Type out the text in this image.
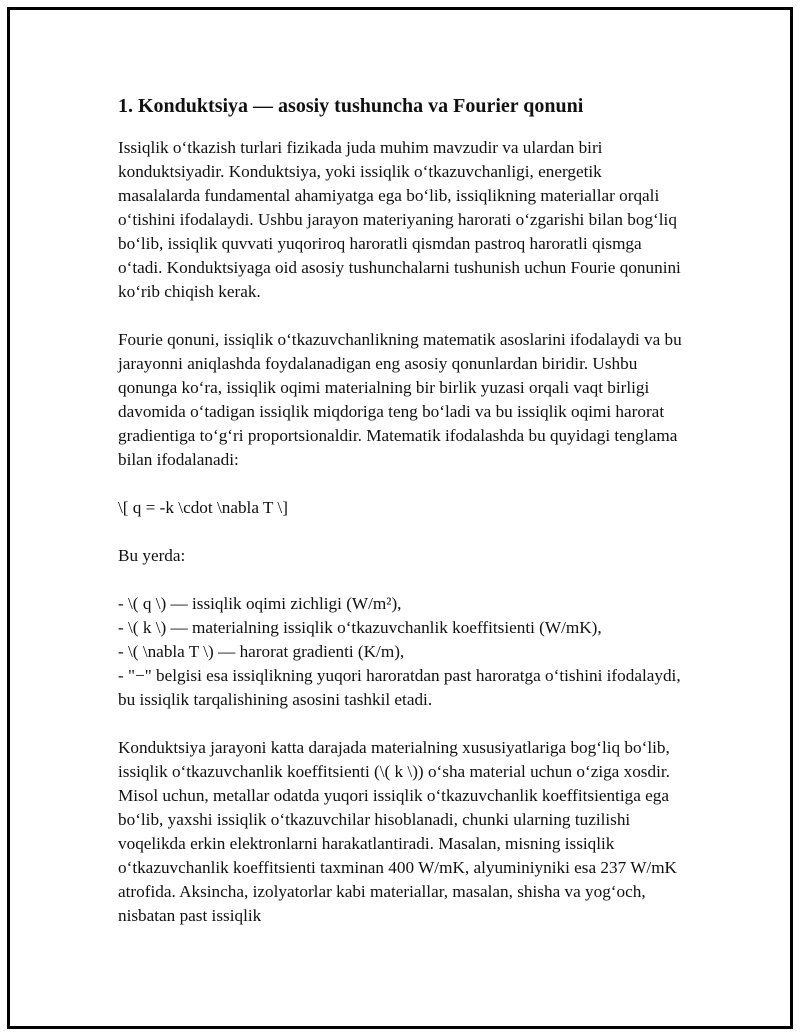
1. Konduktsiya — asosiy tushuncha va Fourier qonuni

Issiqlik oʻtkazish turlari fizikada juda muhim mavzudir va ulardan biri konduktsiyadir. Konduktsiya, yoki issiqlik oʻtkazuvchanligi, energetik masalalarda fundamental ahamiyatga ega boʻlib, issiqlikning materiallar orqali oʻtishini ifodalaydi. Ushbu jarayon materiyaning harorati oʻzgarishi bilan bogʻliq boʻlib, issiqlik quvvati yuqoriroq haroratli qismdan pastroq haroratli qismga oʻtadi. Konduktsiyaga oid asosiy tushunchalarni tushunish uchun Fourie qonunini koʻrib chiqish kerak.

Fourie qonuni, issiqlik oʻtkazuvchanlikning matematik asoslarini ifodalaydi va bu jarayonni aniqlashda foydalanadigan eng asosiy qonunlardan biridir. Ushbu qonunga koʻra, issiqlik oqimi materialning bir birlik yuzasi orqali vaqt birligi davomida oʻtadigan issiqlik miqdoriga teng boʻladi va bu issiqlik oqimi harorat gradientiga toʻgʻri proportsionaldir. Matematik ifodalashda bu quyidagi tenglama bilan ifodalanadi:

\[ q = -k \cdot \nabla T \]

Bu yerda:

- \( q \) — issiqlik oqimi zichligi (W/m²),
- \( k \) — materialning issiqlik oʻtkazuvchanlik koeffitsienti (W/mK),
- \( \nabla T \) — harorat gradienti (K/m),
- "−" belgisi esa issiqlikning yuqori haroratdan past haroratga oʻtishini ifodalaydi, bu issiqlik tarqalishining asosini tashkil etadi.

Konduktsiya jarayoni katta darajada materialning xususiyatlariga bogʻliq boʻlib, issiqlik oʻtkazuvchanlik koeffitsienti (\( k \)) oʻsha material uchun oʻziga xosdir. Misol uchun, metallar odatda yuqori issiqlik oʻtkazuvchanlik koeffitsientiga ega boʻlib, yaxshi issiqlik oʻtkazuvchilar hisoblanadi, chunki ularning tuzilishi voqelikda erkin elektronlarni harakatlantiradi. Masalan, misning issiqlik oʻtkazuvchanlik koeffitsienti taxminan 400 W/mK, alyuminiyniki esa 237 W/mK atrofida. Aksincha, izolyatorlar kabi materiallar, masalan, shisha va yogʻoch, nisbatan past issiqlik
